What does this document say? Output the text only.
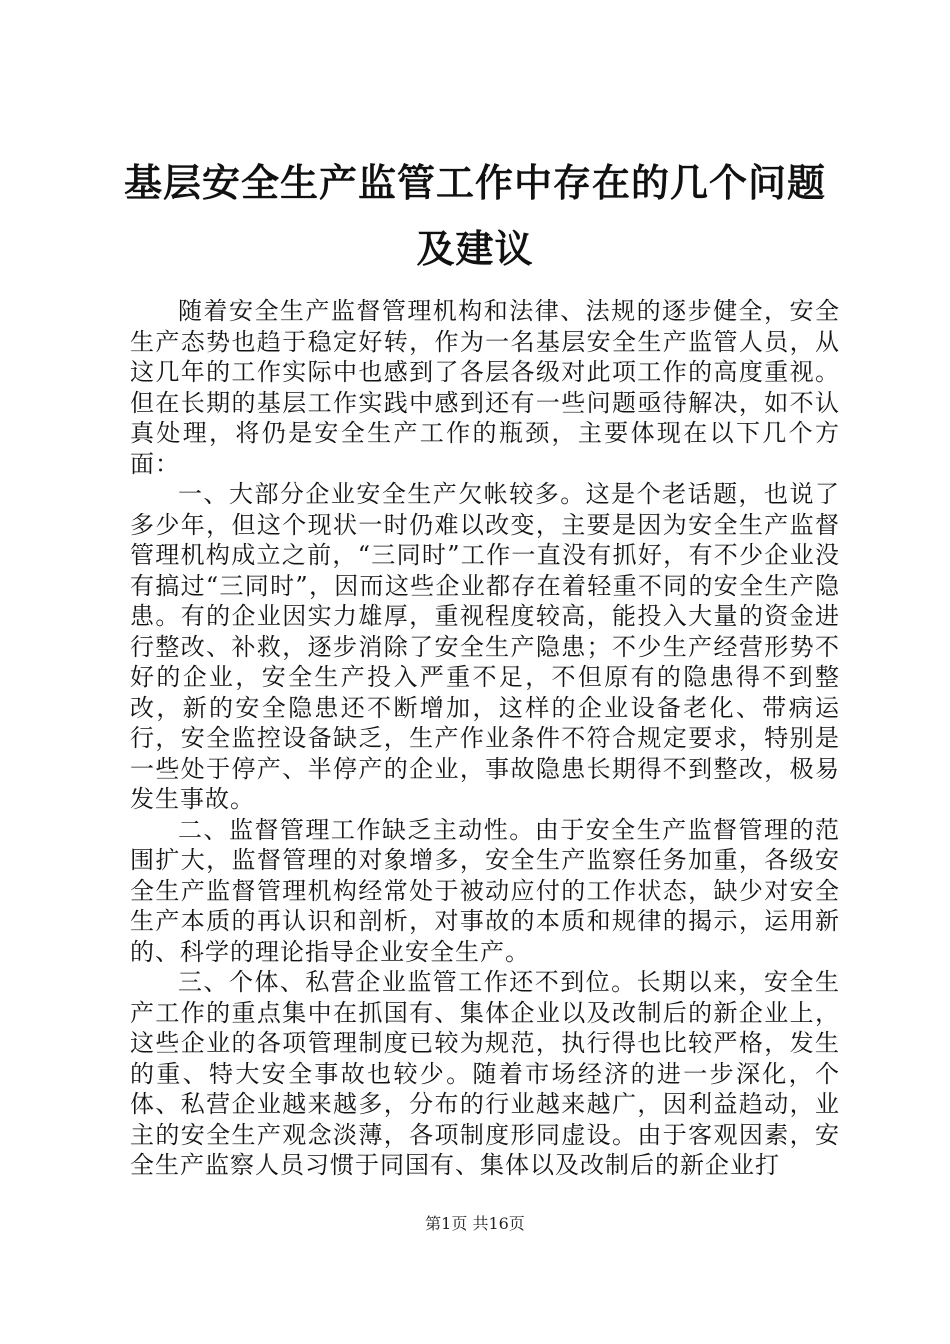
基层安全生产监管工作中存在的几个问题及建议

随着安全生产监督管理机构和法律、法规的逐步健全，安全生产态势也趋于稳定好转，作为一名基层安全生产监管人员，从这几年的工作实际中也感到了各层各级对此项工作的高度重视。但在长期的基层工作实践中感到还有一些问题亟待解决，如不认真处理，将仍是安全生产工作的瓶颈，主要体现在以下几个方面：

一、大部分企业安全生产欠帐较多。这是个老话题，也说了多少年，但这个现状一时仍难以改变，主要是因为安全生产监督管理机构成立之前，“三同时”工作一直没有抓好，有不少企业没有搞过“三同时”，因而这些企业都存在着轻重不同的安全生产隐患。有的企业因实力雄厚，重视程度较高，能投入大量的资金进行整改、补救，逐步消除了安全生产隐患；不少生产经营形势不好的企业，安全生产投入严重不足，不但原有的隐患得不到整改，新的安全隐患还不断增加，这样的企业设备老化、带病运行，安全监控设备缺乏，生产作业条件不符合规定要求，特别是一些处于停产、半停产的企业，事故隐患长期得不到整改，极易发生事故。

二、监督管理工作缺乏主动性。由于安全生产监督管理的范围扩大，监督管理的对象增多，安全生产监察任务加重，各级安全生产监督管理机构经常处于被动应付的工作状态，缺少对安全生产本质的再认识和剖析，对事故的本质和规律的揭示，运用新的、科学的理论指导企业安全生产。

三、个体、私营企业监管工作还不到位。长期以来，安全生产工作的重点集中在抓国有、集体企业以及改制后的新企业上，这些企业的各项管理制度已较为规范，执行得也比较严格，发生的重、特大安全事故也较少。随着市场经济的进一步深化，个体、私营企业越来越多，分布的行业越来越广，因利益趋动，业主的安全生产观念淡薄，各项制度形同虚设。由于客观因素，安全生产监察人员习惯于同国有、集体以及改制后的新企业打

第1页 共16页
